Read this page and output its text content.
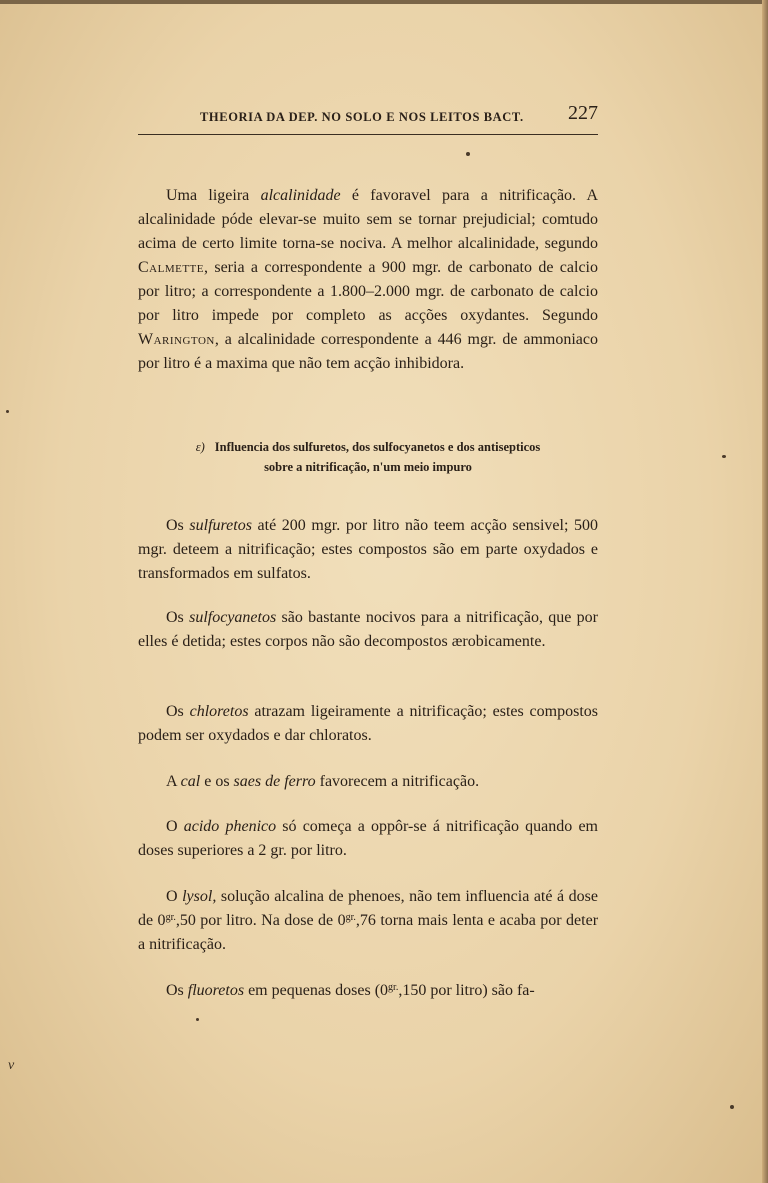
THEORIA DA DEP. NO SOLO E NOS LEITOS BACT. 227

Uma ligeira alcalinidade é favoravel para a nitrificação. A alcalinidade póde elevar-se muito sem se tornar prejudicial; comtudo acima de certo limite torna-se nociva. A melhor alcalinidade, segundo Calmette, seria a correspondente a 900 mgr. de carbonato de calcio por litro; a correspondente a 1.800–2.000 mgr. de carbonato de calcio por litro impede por completo as acções oxydantes. Segundo Warington, a alcalinidade correspondente a 446 mgr. de ammoniaco por litro é a maxima que não tem acção inhibidora.

ε) Influencia dos sulfuretos, dos sulfocyanetos e dos antisepticos
sobre a nitrificação, n'um meio impuro

Os sulfuretos até 200 mgr. por litro não teem acção sensivel; 500 mgr. deteem a nitrificação; estes compostos são em parte oxydados e transformados em sulfatos.

Os sulfocyanetos são bastante nocivos para a nitrificação, que por elles é detida; estes corpos não são decompostos ærobicamente.

Os chloretos atrazam ligeiramente a nitrificação; estes compostos podem ser oxydados e dar chloratos.

A cal e os saes de ferro favorecem a nitrificação.

O acido phenico só começa a oppôr-se á nitrificação quando em doses superiores a 2 gr. por litro.

O lysol, solução alcalina de phenoes, não tem influencia até á dose de $0^{gr.},50$ por litro. Na dose de $0^{gr.},76$ torna mais lenta e acaba por deter a nitrificação.

Os fluoretos em pequenas doses ($0^{gr.},150$ por litro) são fa-

v
